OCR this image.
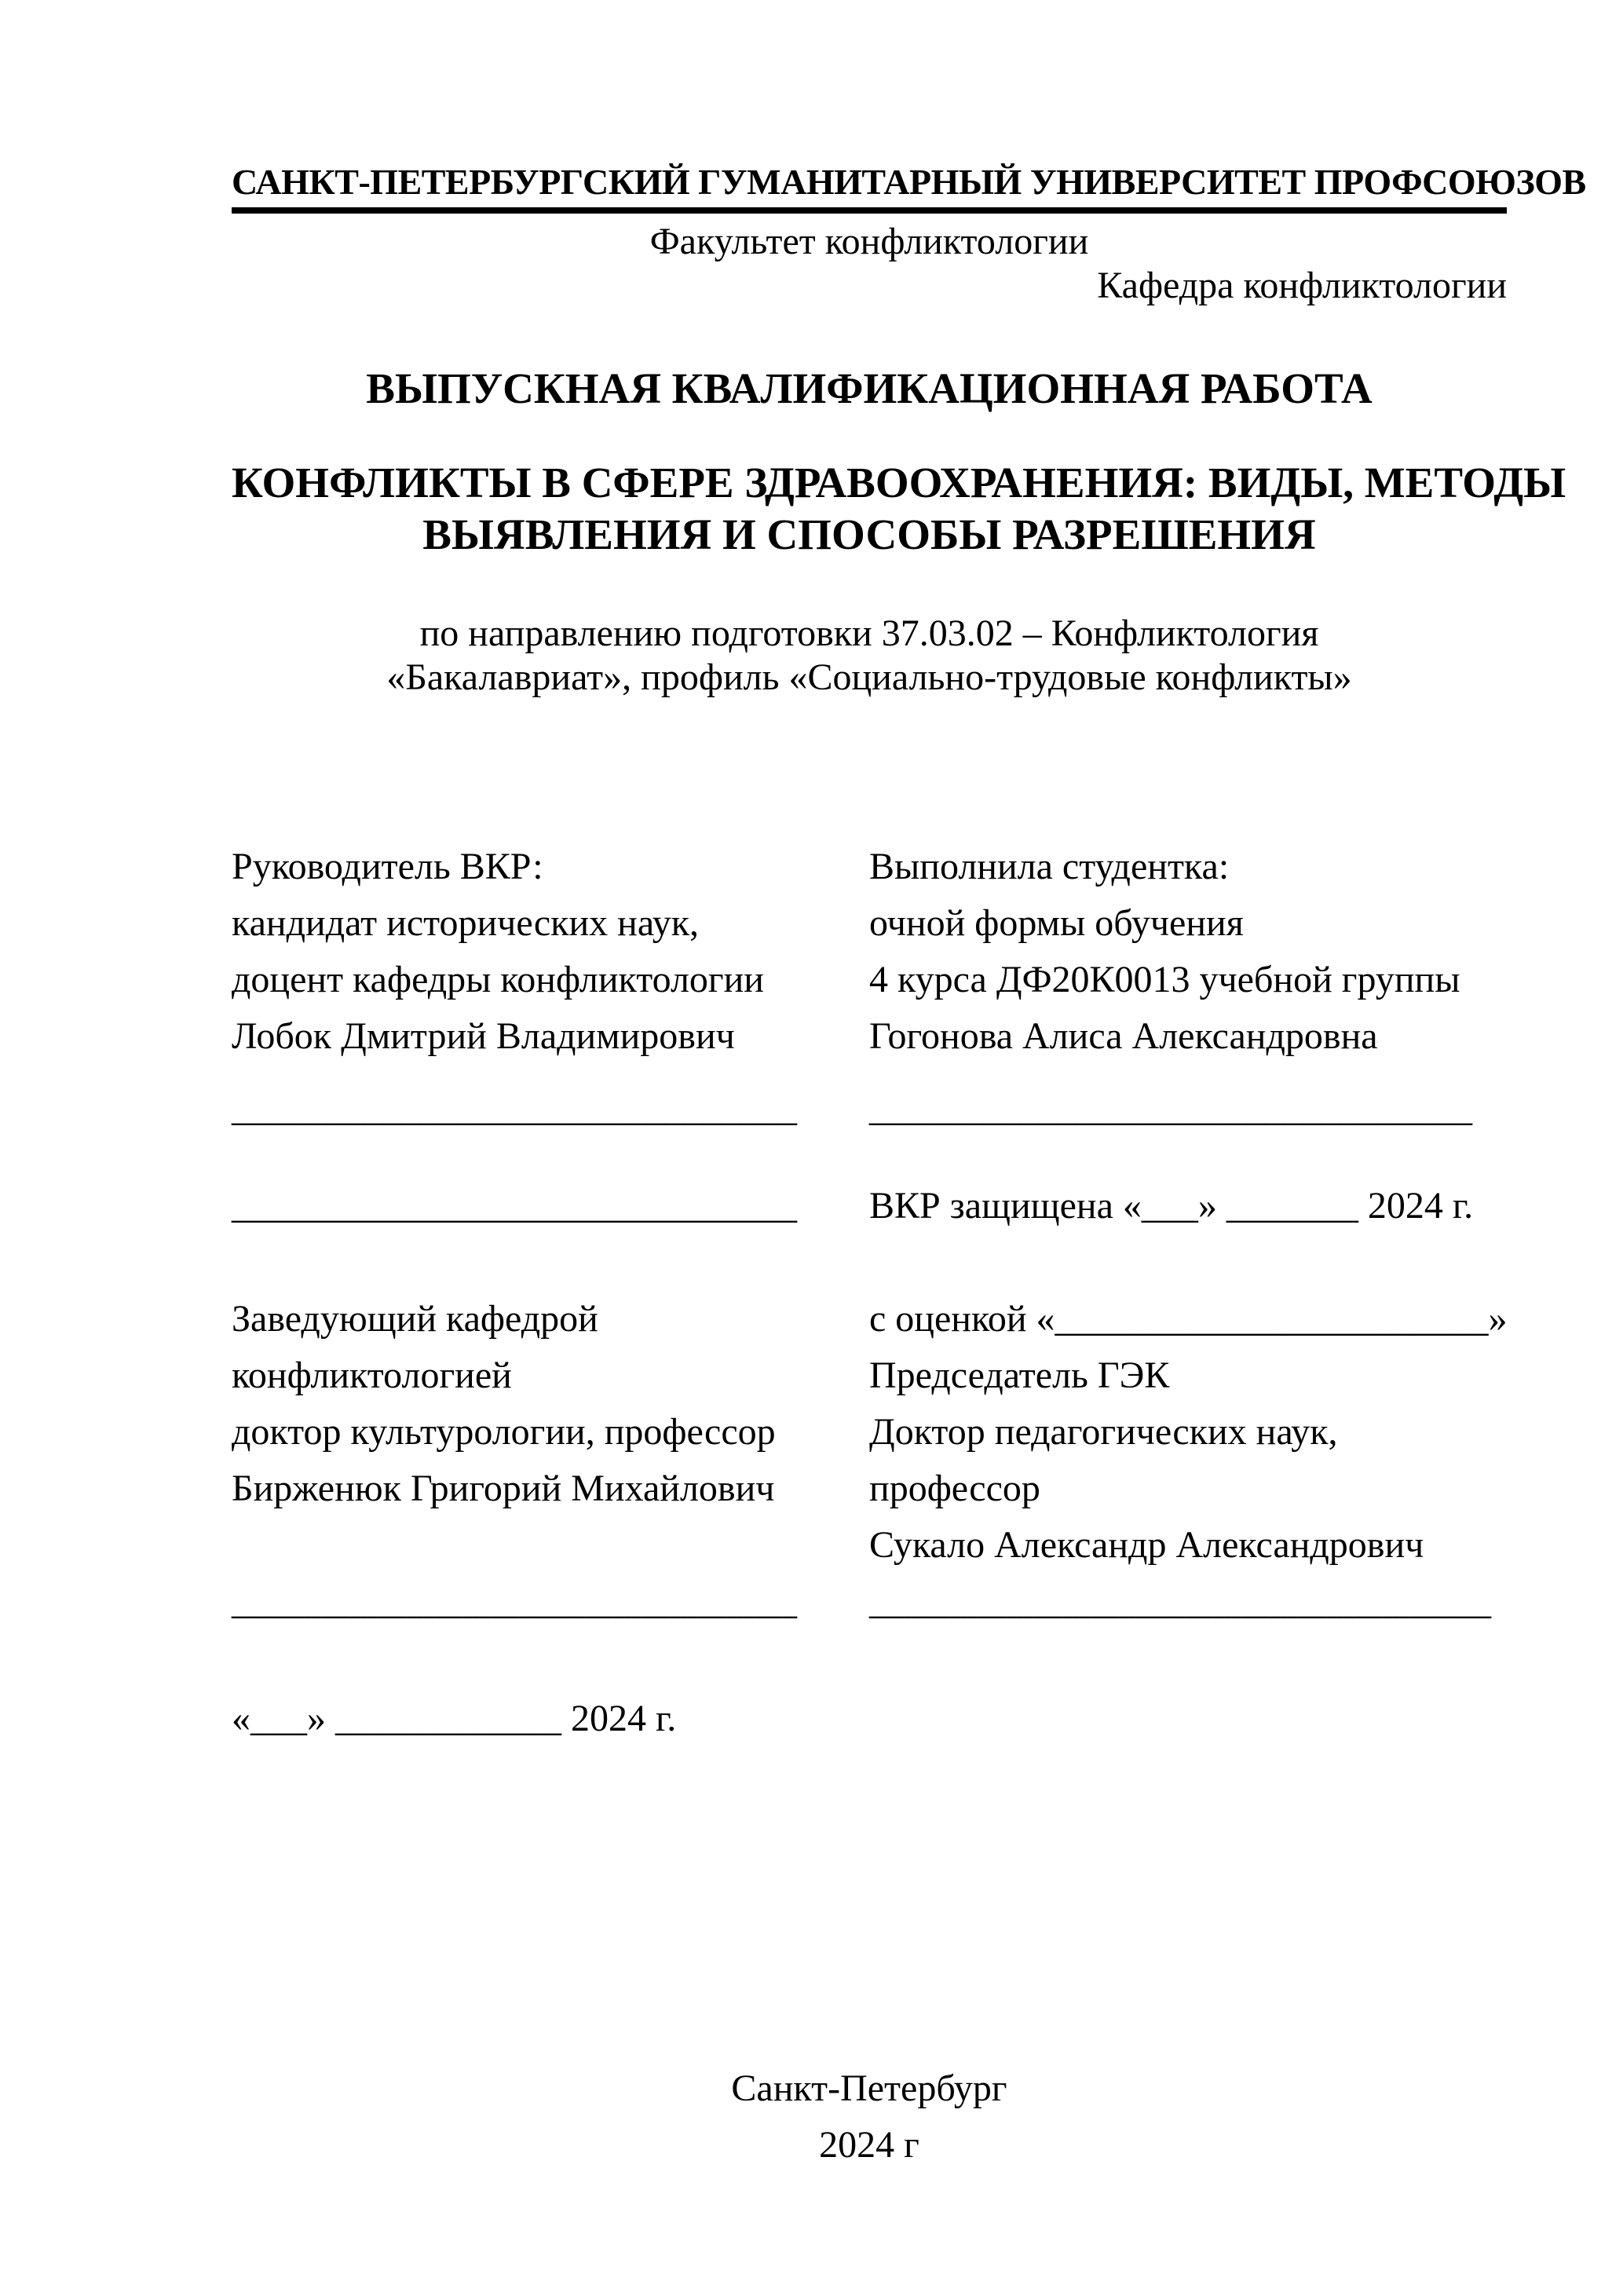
САНКТ-ПЕТЕРБУРГСКИЙ ГУМАНИТАРНЫЙ УНИВЕРСИТЕТ ПРОФСОЮЗОВ
Факультет конфликтологии
Кафедра конфликтологии
ВЫПУСКНАЯ КВАЛИФИКАЦИОННАЯ РАБОТА
КОНФЛИКТЫ В СФЕРЕ ЗДРАВООХРАНЕНИЯ: ВИДЫ, МЕТОДЫ
ВЫЯВЛЕНИЯ И СПОСОБЫ РАЗРЕШЕНИЯ
по направлению подготовки 37.03.02 – Конфликтология
«Бакалавриат», профиль «Социально-трудовые конфликты»
Руководитель ВКР:
кандидат исторических наук,
доцент кафедры конфликтологии
Лобок Дмитрий Владимирович
______________________________
______________________________
Заведующий кафедрой
конфликтологией
доктор культурологии, профессор
Бирженюк Григорий Михайлович
______________________________
«___» ____________ 2024 г.
Выполнила студентка:
очной формы обучения
4 курса ДФ20К0013 учебной группы
Гогонова Алиса Александровна
________________________________
ВКР защищена «___» _______ 2024 г.
с оценкой «_______________________»
Председатель ГЭК
Доктор педагогических наук,
профессор
Сукало Александр Александрович
_________________________________
Санкт-Петербург
2024 г
